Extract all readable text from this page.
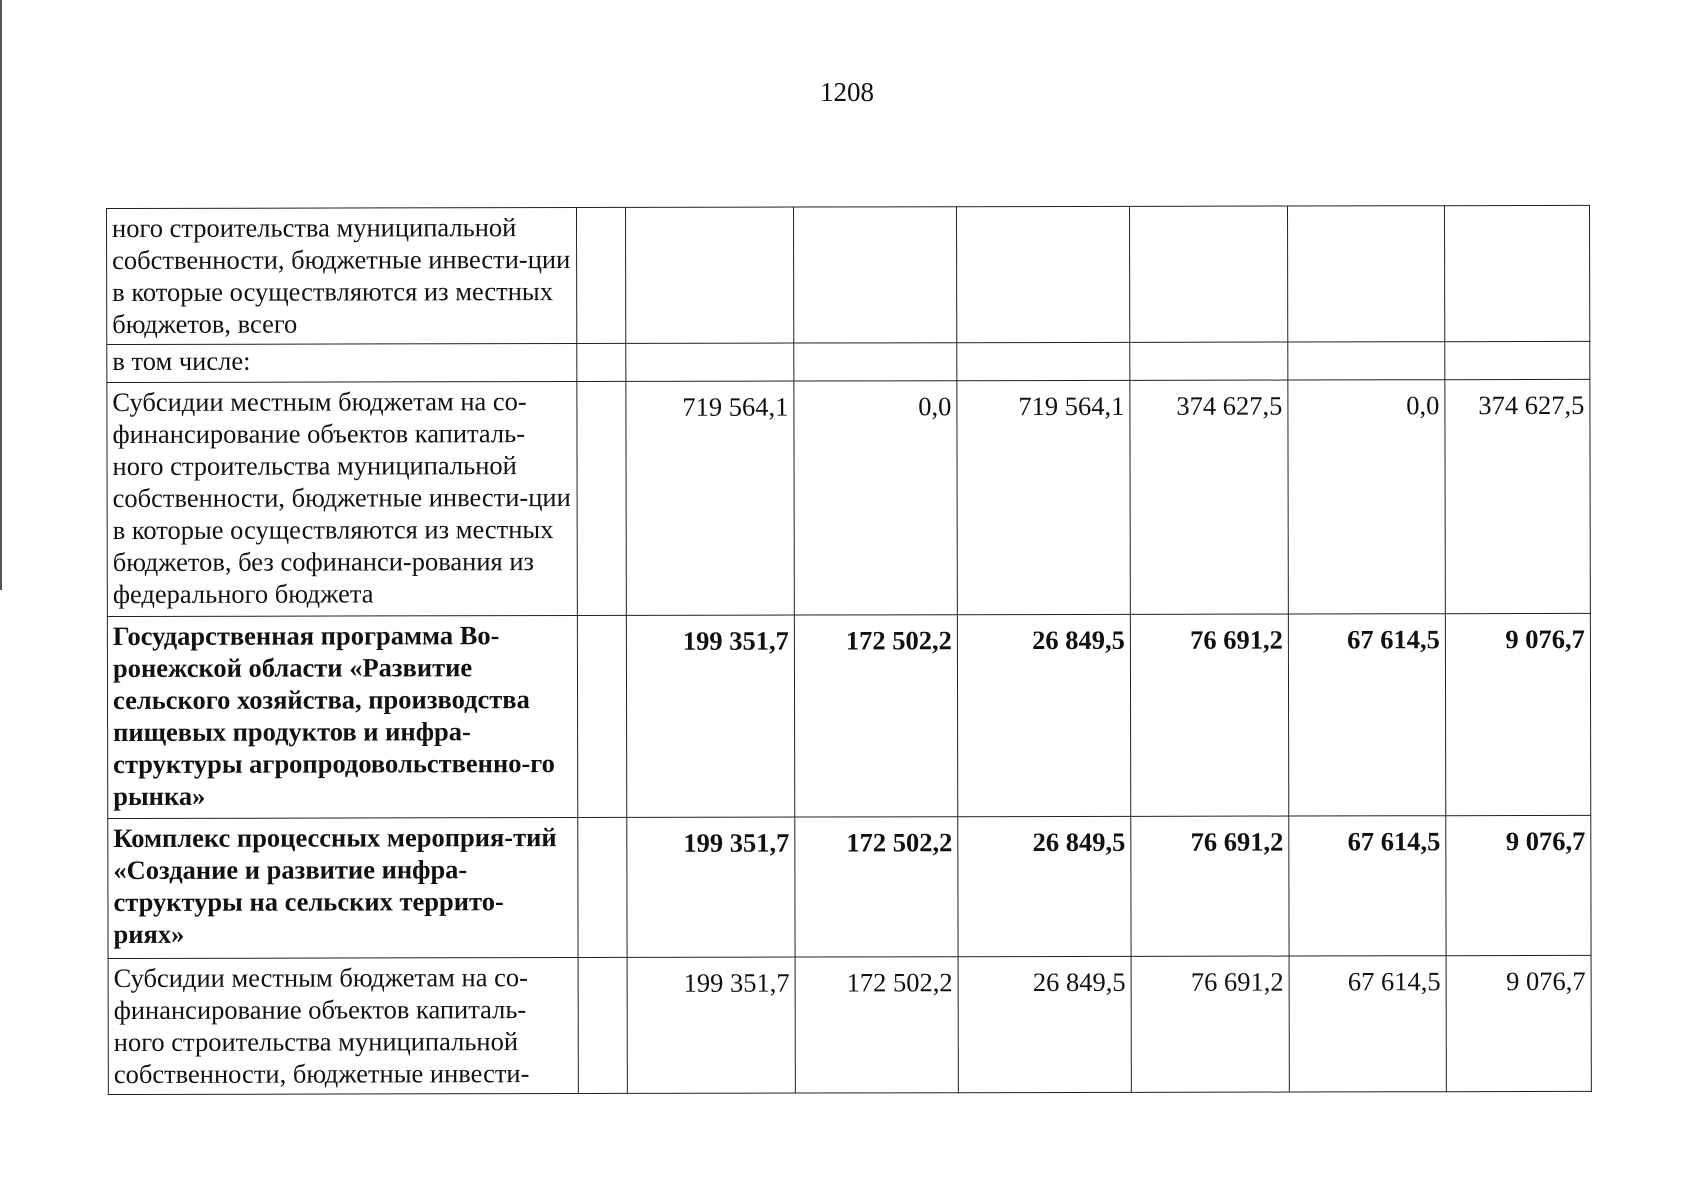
1208
ного строительства муниципальной собственности, бюджетные инвести-ции в которые осуществляются из местных бюджетов, всего							
в том числе:							
Субсидии местным бюджетам на со-финансирование объектов капиталь-ного строительства муниципальной собственности, бюджетные инвести-ции в которые осуществляются из местных бюджетов, без софинанси-рования из федерального бюджета		719 564,1	0,0	719 564,1	374 627,5	0,0	374 627,5
Государственная программа Во-ронежской области «Развитие сельского хозяйства, производства пищевых продуктов и инфра-структуры агропродовольственно-го рынка»		199 351,7	172 502,2	26 849,5	76 691,2	67 614,5	9 076,7
Комплекс процессных мероприя-тий «Создание и развитие инфра-структуры на сельских террито-риях»		199 351,7	172 502,2	26 849,5	76 691,2	67 614,5	9 076,7
Субсидии местным бюджетам на со-финансирование объектов капиталь-ного строительства муниципальной собственности, бюджетные инвести-		199 351,7	172 502,2	26 849,5	76 691,2	67 614,5	9 076,7
